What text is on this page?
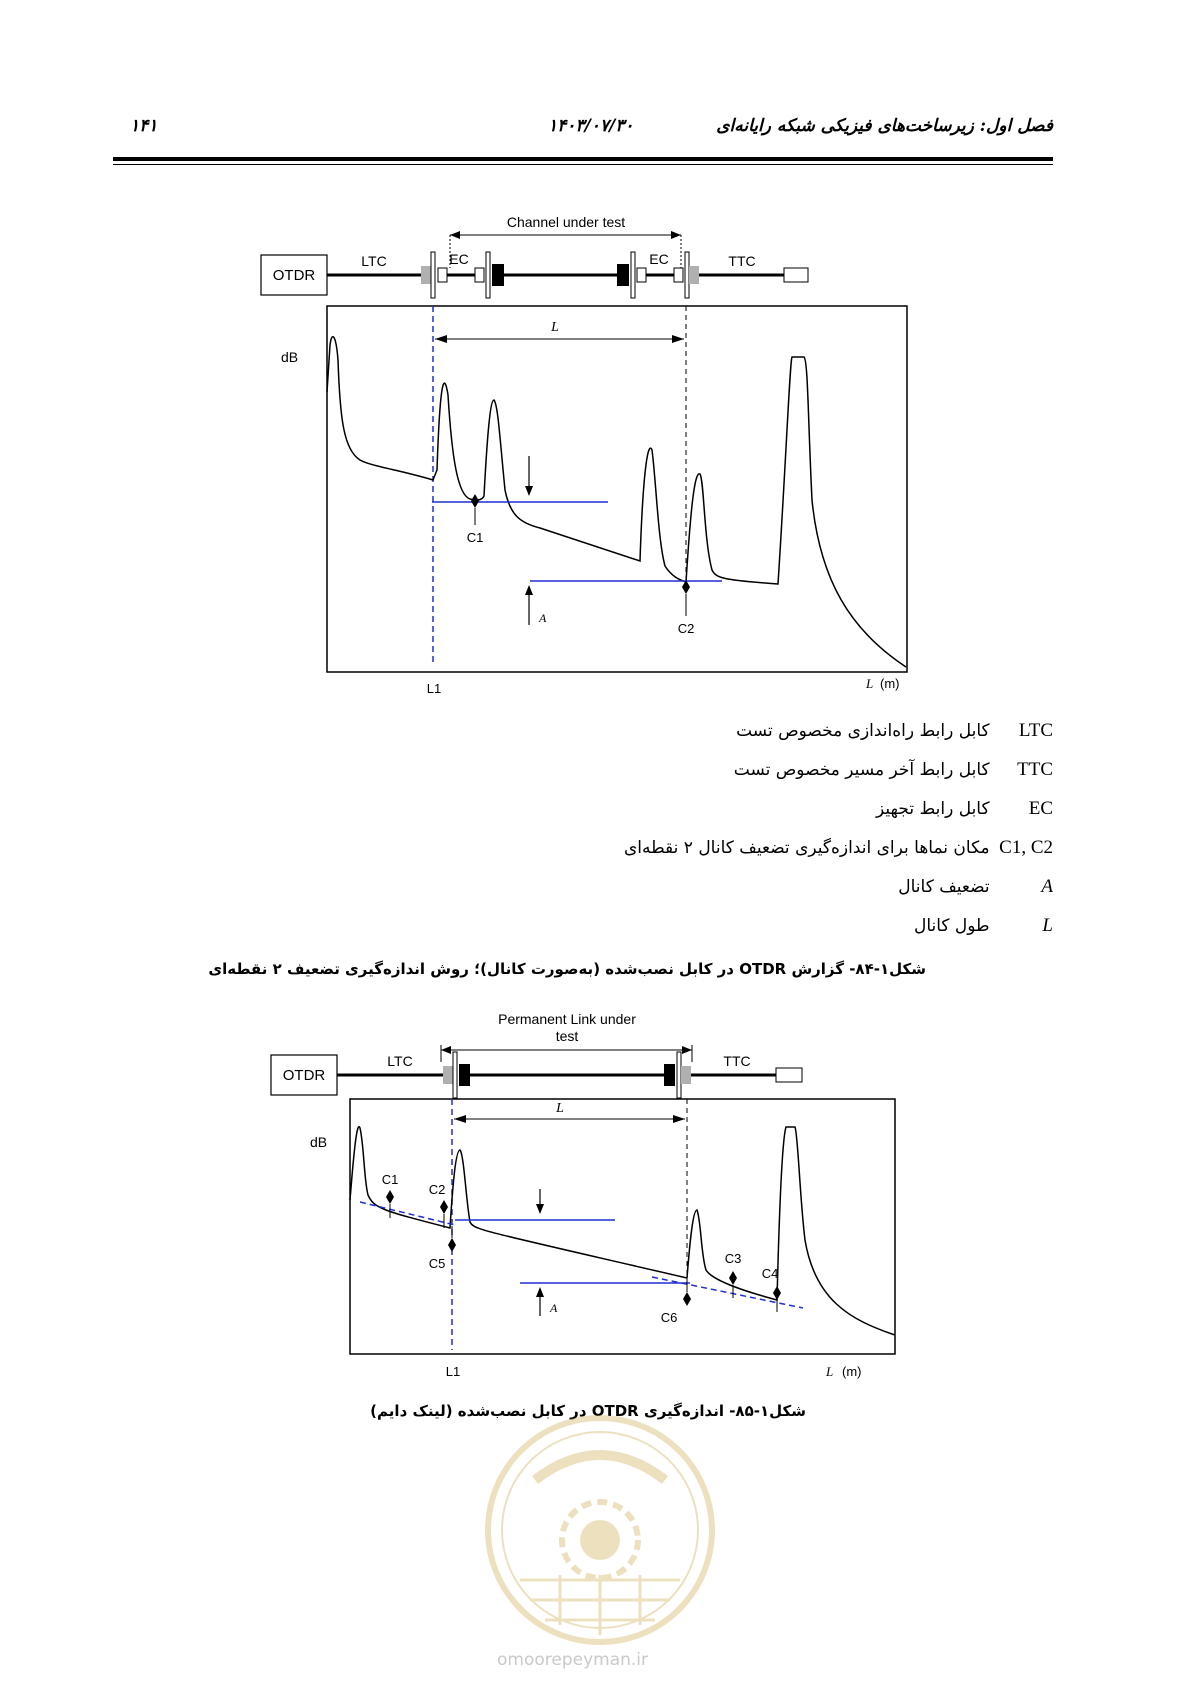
۱۴۱	۱۴۰۳/۰۷/۳۰	فصل اول: زیرساخت‌های فیزیکی شبکه رایانه‌ای
OTDR
LTC	EC	EC	TTC
Channel under test
dB
L
A
C1
C2
L1	L (m)
LTC کابل رابط راه‌اندازی مخصوص تست
TTC کابل رابط آخر مسیر مخصوص تست
EC کابل رابط تجهیز
C1, C2 مکان نماها برای اندازه‌گیری تضعیف کانال ۲ نقطه‌ای
A تضعیف کانال
L طول کانال
شکل۱-۸۴- گزارش OTDR در کابل نصب‌شده (به‌صورت کانال)؛ روش اندازه‌گیری تضعیف ۲ نقطه‌ای
OTDR
LTC	TTC
Permanent Link under
test
dB
L
A
C1
C2
C5
C6
C3
C4
L1	L (m)
شکل۱-۸۵- اندازه‌گیری OTDR در کابل نصب‌شده (لینک دایم)
omoorepeyman.ir
